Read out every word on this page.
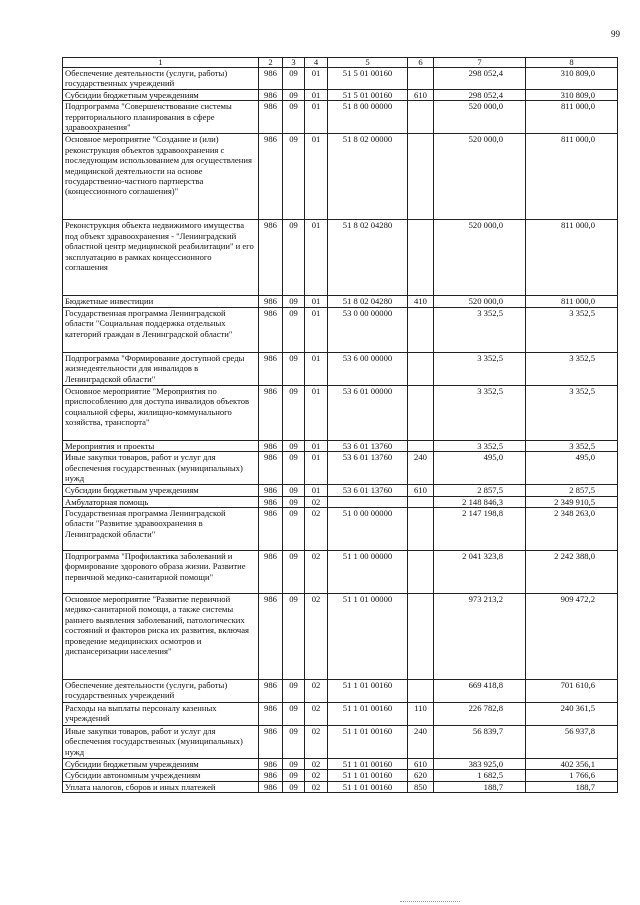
99
1	2	3	4	5	6	7	8
Обеспечение деятельности (услуги, работы) государственных учреждений	986	09	01	51 5 01 00160		298 052,4	310 809,0
Субсидии бюджетным учреждениям	986	09	01	51 5 01 00160	610	298 052,4	310 809,0
Подпрограмма "Совершенствование системы территориального планирования в сфере здравоохранения"	986	09	01	51 8 00 00000		520 000,0	811 000,0
Основное мероприятие "Создание и (или) реконструкция объектов здравоохранения с последующим использованием для осуществления медицинской деятельности на основе государственно-частного партнерства (концессионного соглашения)"	986	09	01	51 8 02 00000		520 000,0	811 000,0
Реконструкция объекта недвижимого имущества под объект здравоохранения - "Ленинградский областной центр медицинской реабилитации" и его эксплуатацию в рамках концессионного соглашения	986	09	01	51 8 02 04280		520 000,0	811 000,0
Бюджетные инвестиции	986	09	01	51 8 02 04280	410	520 000,0	811 000,0
Государственная программа Ленинградской области "Социальная поддержка отдельных категорий граждан в Ленинградской области"	986	09	01	53 0 00 00000		3 352,5	3 352,5
Подпрограмма "Формирование доступной среды жизнедеятельности для инвалидов в Ленинградской области"	986	09	01	53 6 00 00000		3 352,5	3 352,5
Основное мероприятие "Мероприятия по приспособлению для доступа инвалидов объектов социальной сферы, жилищно-коммунального хозяйства, транспорта"	986	09	01	53 6 01 00000		3 352,5	3 352,5
Мероприятия и проекты	986	09	01	53 6 01 13760		3 352,5	3 352,5
Иные закупки товаров, работ и услуг для обеспечения государственных (муниципальных) нужд	986	09	01	53 6 01 13760	240	495,0	495,0
Субсидии бюджетным учреждениям	986	09	01	53 6 01 13760	610	2 857,5	2 857,5
Амбулаторная помощь	986	09	02			2 148 846,3	2 349 910,5
Государственная программа Ленинградской области "Развитие здравоохранения в Ленинградской области"	986	09	02	51 0 00 00000		2 147 198,8	2 348 263,0
Подпрограмма "Профилактика заболеваний и формирование здорового образа жизни. Развитие первичной медико-санитарной помощи"	986	09	02	51 1 00 00000		2 041 323,8	2 242 388,0
Основное мероприятие "Развитие первичной медико-санитарной помощи, а также системы раннего выявления заболеваний, патологических состояний и факторов риска их развития, включая проведение медицинских осмотров и диспансеризации населения"	986	09	02	51 1 01 00000		973 213,2	909 472,2
Обеспечение деятельности (услуги, работы) государственных учреждений	986	09	02	51 1 01 00160		669 418,8	701 610,6
Расходы на выплаты персоналу казенных учреждений	986	09	02	51 1 01 00160	110	226 782,8	240 361,5
Иные закупки товаров, работ и услуг для обеспечения государственных (муниципальных) нужд	986	09	02	51 1 01 00160	240	56 839,7	56 937,8
Субсидии бюджетным учреждениям	986	09	02	51 1 01 00160	610	383 925,0	402 356,1
Субсидии автономным учреждениям	986	09	02	51 1 01 00160	620	1 682,5	1 766,6
Уплата налогов, сборов и иных платежей	986	09	02	51 1 01 00160	850	188,7	188,7
